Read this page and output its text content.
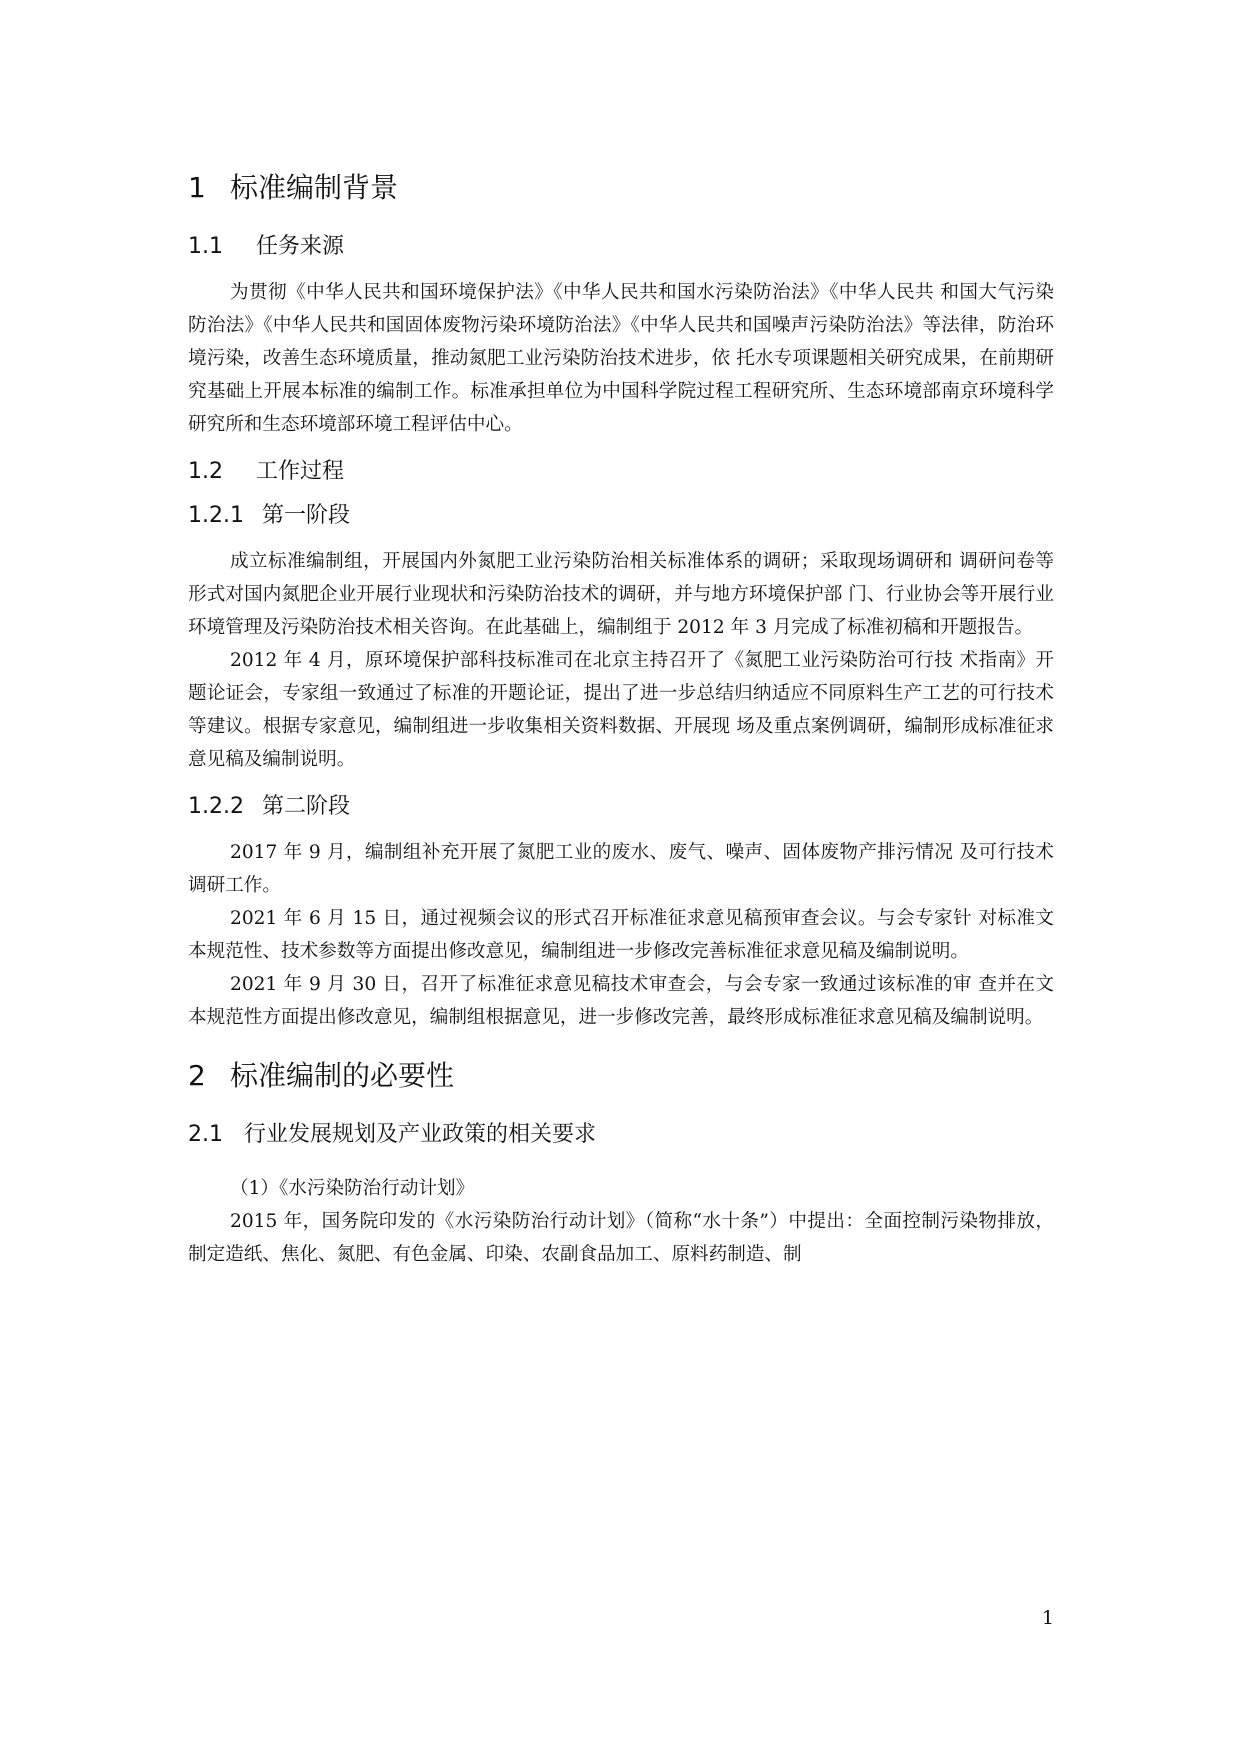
1 标准编制背景
1.1	任务来源

为贯彻《中华人民共和国环境保护法》《中华人民共和国水污染防治法》《中华人民共 和国大气污染防治法》《中华人民共和国固体废物污染环境防治法》《中华人民共和国噪声污染防治法》等法律，防治环境污染，改善生态环境质量，推动氮肥工业污染防治技术进步，依 托水专项课题相关研究成果，在前期研究基础上开展本标准的编制工作。标准承担单位为中国科学院过程工程研究所、生态环境部南京环境科学研究所和生态环境部环境工程评估中心。

1.2	工作过程
1.2.1 第一阶段

成立标准编制组，开展国内外氮肥工业污染防治相关标准体系的调研；采取现场调研和 调研问卷等形式对国内氮肥企业开展行业现状和污染防治技术的调研，并与地方环境保护部 门、行业协会等开展行业环境管理及污染防治技术相关咨询。在此基础上，编制组于 2012 年 3 月完成了标准初稿和开题报告。

2012 年 4 月，原环境保护部科技标准司在北京主持召开了《氮肥工业污染防治可行技 术指南》开题论证会，专家组一致通过了标准的开题论证，提出了进一步总结归纳适应不同原料生产工艺的可行技术等建议。根据专家意见，编制组进一步收集相关资料数据、开展现 场及重点案例调研，编制形成标准征求意见稿及编制说明。

1.2.2 第二阶段

2017 年 9 月，编制组补充开展了氮肥工业的废水、废气、噪声、固体废物产排污情况 及可行技术调研工作。

2021 年 6 月 15 日，通过视频会议的形式召开标准征求意见稿预审查会议。与会专家针 对标准文本规范性、技术参数等方面提出修改意见，编制组进一步修改完善标准征求意见稿及编制说明。

2021 年 9 月 30 日，召开了标准征求意见稿技术审查会，与会专家一致通过该标准的审 查并在文本规范性方面提出修改意见，编制组根据意见，进一步修改完善，最终形成标准征求意见稿及编制说明。

2 标准编制的必要性
2.1 行业发展规划及产业政策的相关要求

（1）《水污染防治行动计划》

2015 年，国务院印发的《水污染防治行动计划》（简称“水十条”）中提出：全面控制污染物排放，制定造纸、焦化、氮肥、有色金属、印染、农副食品加工、原料药制造、制

1
